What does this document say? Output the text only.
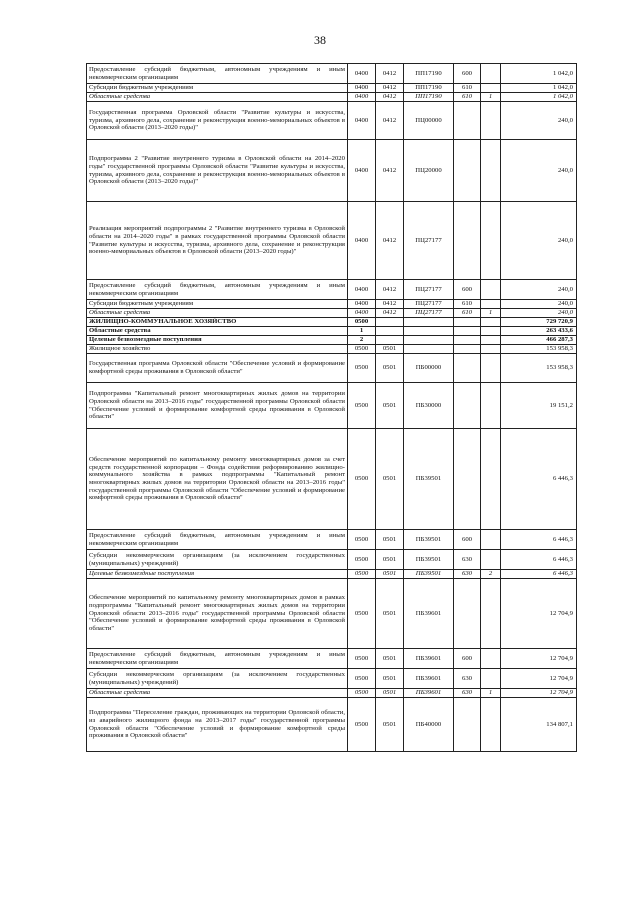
38
Предоставление субсидий бюджетным, автономным учреждениям и иным некоммерческим организациям	0400	0412	ПП17190	600		1 042,0
Субсидии бюджетным учреждениям	0400	0412	ПП17190	610		1 042,0
Областные средства	0400	0412	ПП17190	610	1	1 042,0
Государственная программа Орловской области "Развитие культуры и искусства, туризма, архивного дела, сохранение и реконструкция военно-мемориальных объектов в Орловской области (2013–2020 годы)"	0400	0412	ПЦ00000			240,0
Подпрограмма 2 "Развитие внутреннего туризма в Орловской области на 2014–2020 годы" государственной программы Орловской области "Развитие культуры и искусства, туризма, архивного дела, сохранение и реконструкция военно-мемориальных объектов в Орловской области (2013–2020 годы)"	0400	0412	ПЦ20000			240,0
Реализация мероприятий подпрограммы 2 "Развитие внутреннего туризма в Орловской области на 2014–2020 годы" в рамках государственной программы Орловской области "Развитие культуры и искусства, туризма, архивного дела, сохранение и реконструкция военно-мемориальных объектов в Орловской области (2013–2020 годы)"	0400	0412	ПЦ27177			240,0
Предоставление субсидий бюджетным, автономным учреждениям и иным некоммерческим организациям	0400	0412	ПЦ27177	600		240,0
Субсидии бюджетным учреждениям	0400	0412	ПЦ27177	610		240,0
Областные средства	0400	0412	ПЦ27177	610	1	240,0
ЖИЛИЩНО-КОММУНАЛЬНОЕ ХОЗЯЙСТВО	0500					729 720,9
Областные средства	1					263 433,6
Целевые безвозмездные поступления	2					466 287,3
Жилищное хозяйство	0500	0501				153 958,3
Государственная программа Орловской области "Обеспечение условий и формирование комфортной среды проживания в Орловской области"	0500	0501	ПБ00000			153 958,3
Подпрограмма "Капитальный ремонт многоквартирных жилых домов на территории Орловской области на 2013–2016 годы" государственной программы Орловской области "Обеспечение условий и формирование комфортной среды проживания в Орловской области"	0500	0501	ПБ30000			19 151,2
Обеспечение мероприятий по капитальному ремонту многоквартирных домов за счет средств государственной корпорации – Фонда содействия реформированию жилищно-коммунального хозяйства в рамках подпрограммы "Капитальный ремонт многоквартирных жилых домов на территории Орловской области на 2013–2016 годы" государственной программы Орловской области "Обеспечение условий и формирование комфортной среды проживания в Орловской области"	0500	0501	ПБ39501			6 446,3
Предоставление субсидий бюджетным, автономным учреждениям и иным некоммерческим организациям	0500	0501	ПБ39501	600		6 446,3
Субсидии некоммерческим организациям (за исключением государственных (муниципальных) учреждений)	0500	0501	ПБ39501	630		6 446,3
Целевые безвозмездные поступления	0500	0501	ПБ39501	630	2	6 446,3
Обеспечение мероприятий по капитальному ремонту многоквартирных домов в рамках подпрограммы "Капитальный ремонт многоквартирных жилых домов на территории Орловской области 2013–2016 годы" государственной программы Орловской области "Обеспечение условий и формирование комфортной среды проживания в Орловской области"	0500	0501	ПБ39601			12 704,9
Предоставление субсидий бюджетным, автономным учреждениям и иным некоммерческим организациям	0500	0501	ПБ39601	600		12 704,9
Субсидии некоммерческим организациям (за исключением государственных (муниципальных) учреждений)	0500	0501	ПБ39601	630		12 704,9
Областные средства	0500	0501	ПБ39601	630	1	12 704,9
Подпрограмма "Переселение граждан, проживающих на территории Орловской области, из аварийного жилищного фонда на 2013–2017 годы" государственной программы Орловской области "Обеспечение условий и формирование комфортной среды проживания в Орловской области"	0500	0501	ПБ40000			134 807,1
